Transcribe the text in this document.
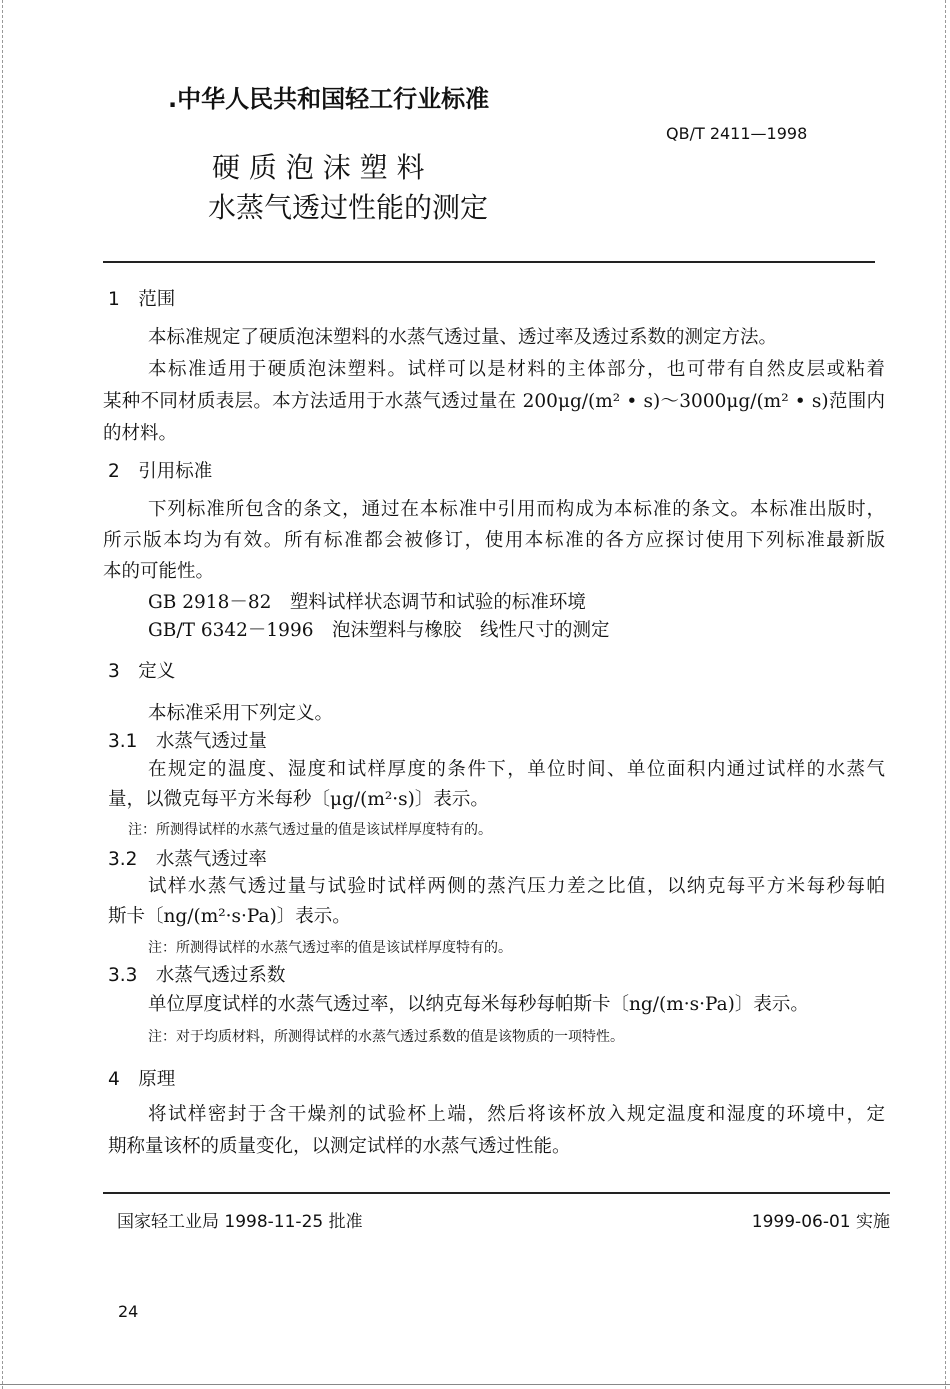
.中华人民共和国轻工行业标准
QB/T 2411—1998
硬 质 泡 沫 塑 料
水蒸气透过性能的测定
1　范围
本标准规定了硬质泡沫塑料的水蒸气透过量、透过率及透过系数的测定方法。
本标准适用于硬质泡沫塑料。试样可以是材料的主体部分，也可带有自然皮层或粘着
某种不同材质表层。本方法适用于水蒸气透过量在 200μg/(m² • s)～3000μg/(m² • s)范围内
的材料。
2　引用标准
下列标准所包含的条文，通过在本标准中引用而构成为本标准的条文。本标准出版时，
所示版本均为有效。所有标准都会被修订，使用本标准的各方应探讨使用下列标准最新版
本的可能性。
GB 2918－82　塑料试样状态调节和试验的标准环境
GB/T 6342－1996　泡沫塑料与橡胶　线性尺寸的测定
3　定义
本标准采用下列定义。
3.1　水蒸气透过量
在规定的温度、湿度和试样厚度的条件下，单位时间、单位面积内通过试样的水蒸气
量，以微克每平方米每秒〔μg/(m²·s)〕表示。
注：所测得试样的水蒸气透过量的值是该试样厚度特有的。
3.2　水蒸气透过率
试样水蒸气透过量与试验时试样两侧的蒸汽压力差之比值，以纳克每平方米每秒每帕
斯卡〔ng/(m²·s·Pa)〕表示。
注：所测得试样的水蒸气透过率的值是该试样厚度特有的。
3.3　水蒸气透过系数
单位厚度试样的水蒸气透过率，以纳克每米每秒每帕斯卡〔ng/(m·s·Pa)〕表示。
注：对于均质材料，所测得试样的水蒸气透过系数的值是该物质的一项特性。
4　原理
将试样密封于含干燥剂的试验杯上端，然后将该杯放入规定温度和湿度的环境中，定
期称量该杯的质量变化，以测定试样的水蒸气透过性能。
国家轻工业局 1998-11-25 批准	1999-06-01 实施
24
